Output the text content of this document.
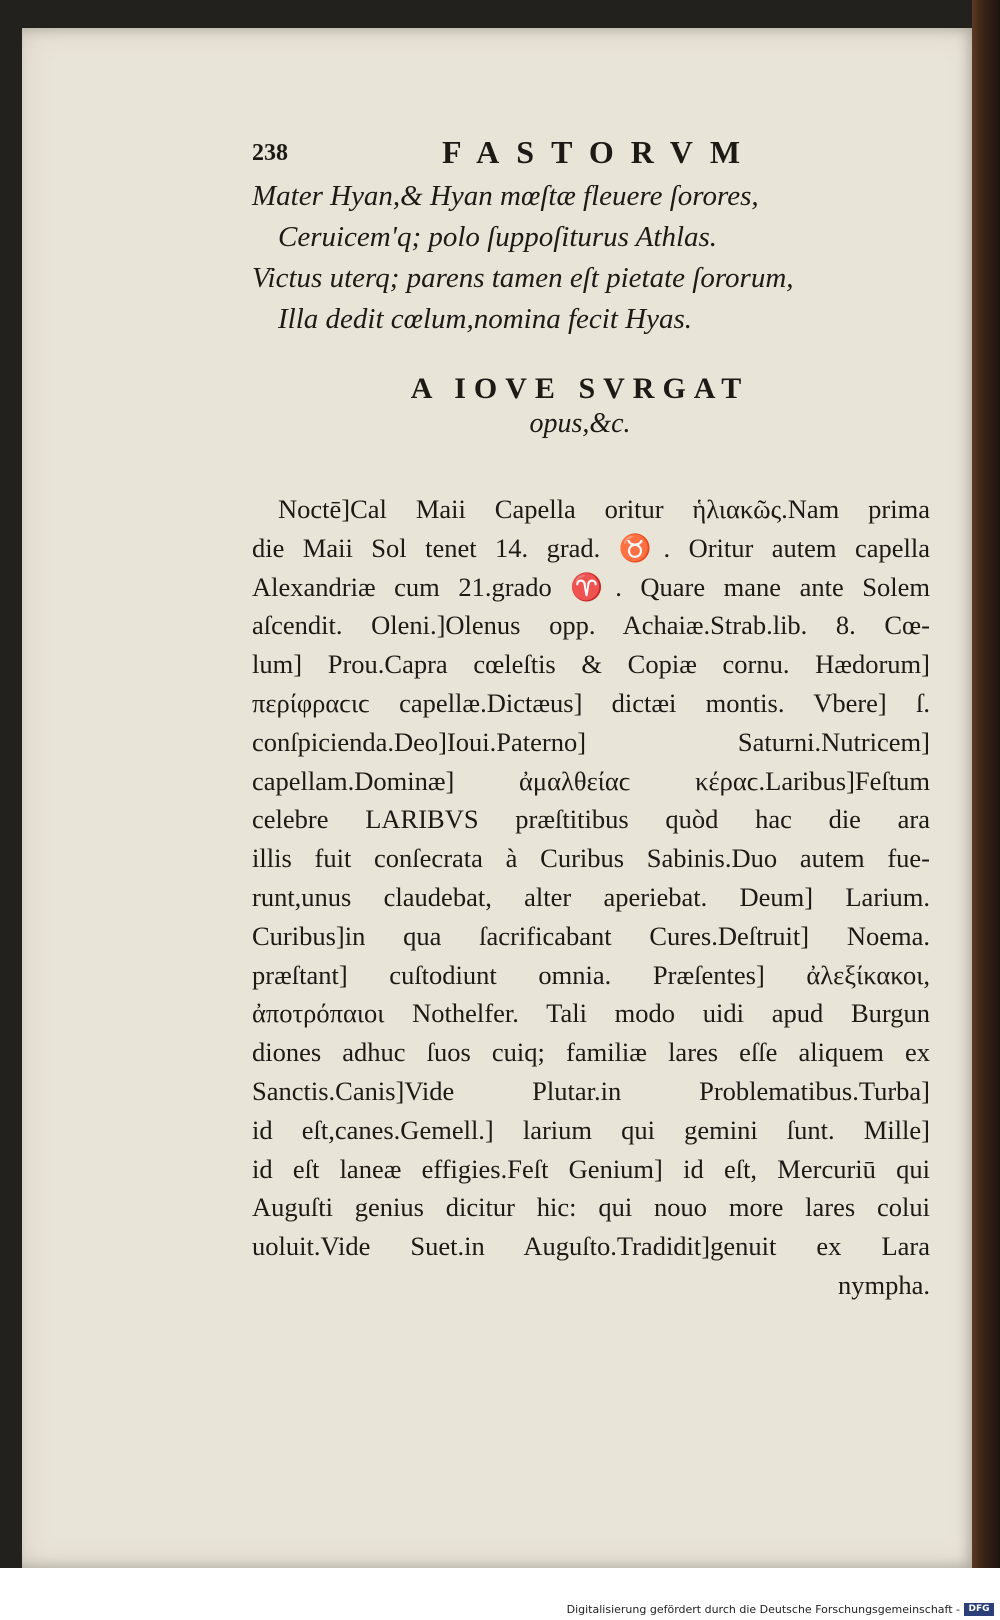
238	FASTORVM
Mater Hyan,& Hyan mœſtæ fleuere ſorores,
Ceruicem'q; polo ſuppoſiturus Athlas.
Victus uterq; parens tamen eſt pietate ſororum,
Illa dedit cœlum,nomina fecit Hyas.
A IOVE SVRGAT
opus,&c.
Noctē]Cal Maii Capella oritur ἡλιακῶς.Nam prima
die Maii Sol tenet 14. grad. ♉. Oritur autem capella
Alexandriæ cum 21.grado ♈. Quare mane ante Solem
aſcendit. Oleni.]Olenus opp. Achaiæ.Strab.lib. 8. Cœ-
lum] Prou.Capra cœleſtis & Copiæ cornu. Hædorum]
περίφραϲιϲ capellæ.Dictæus] dictæi montis. Vbere] ſ.
conſpicienda.Deo]Ioui.Paterno] Saturni.Nutricem]
capellam.Dominæ] ἀμαλθείαϲ κέραϲ.Laribus]Feſtum
celebre LARIBVS præſtitibus quòd hac die ara
illis fuit conſecrata à Curibus Sabinis.Duo autem fue-
runt,unus claudebat, alter aperiebat. Deum] Larium.
Curibus]in qua ſacrificabant Cures.Deſtruit] Noema.
præſtant] cuſtodiunt omnia. Præſentes] ἀλεξίκακοι,
ἀποτρόπαιοι Nothelfer. Tali modo uidi apud Burgun
diones adhuc ſuos cuiq; familiæ lares eſſe aliquem ex
Sanctis.Canis]Vide Plutar.in Problematibus.Turba]
id eſt,canes.Gemell.] larium qui gemini ſunt. Mille]
id eſt laneæ effigies.Feſt Genium] id eſt, Mercuriū qui
Auguſti genius dicitur hic: qui nouo more lares colui
uoluit.Vide Suet.in Auguſto.Tradidit]genuit ex Lara
nympha.
Digitalisierung gefördert durch die Deutsche Forschungsgemeinschaft - DFG
